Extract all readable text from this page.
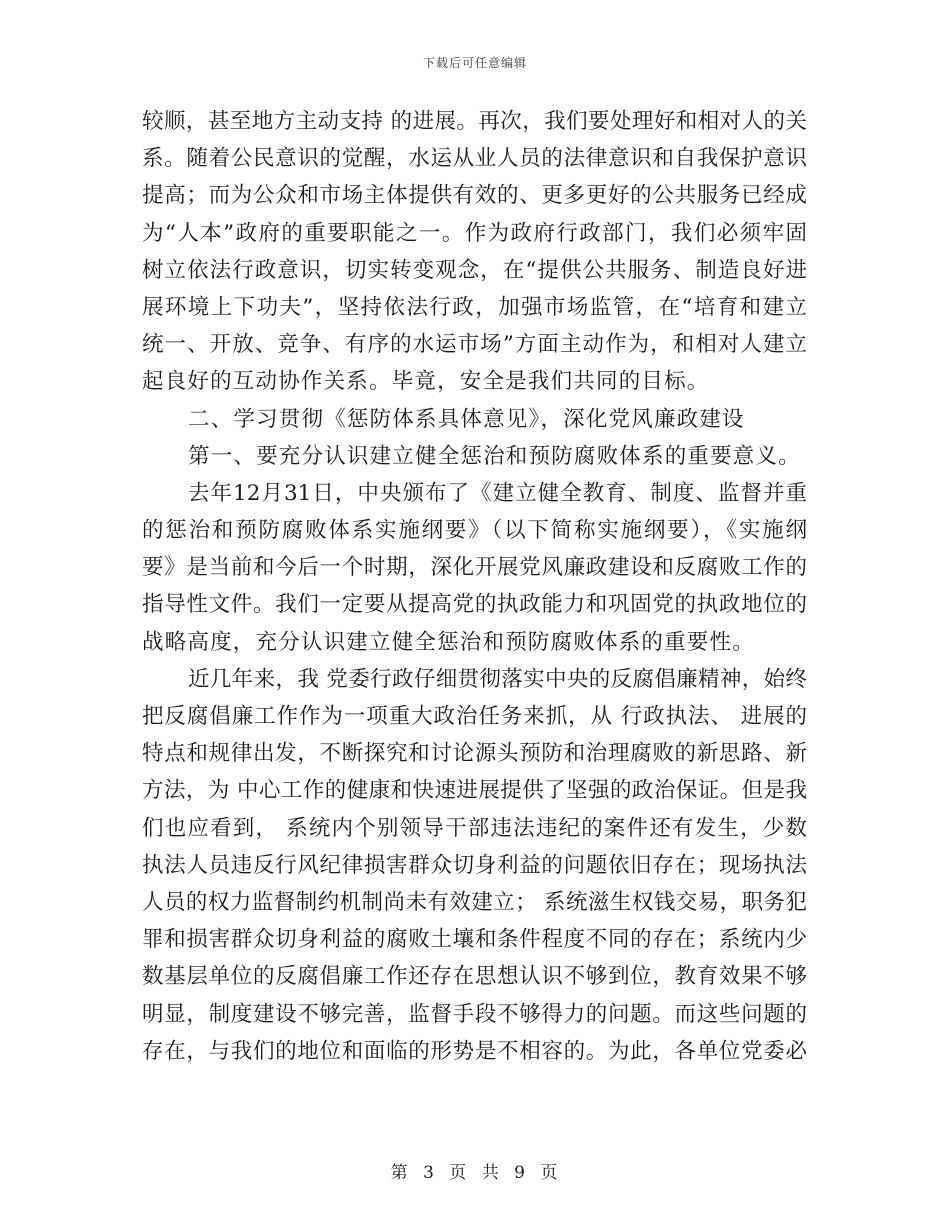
下载后可任意编辑
较顺，甚至地方主动支持 的进展。再次，我们要处理好和相对人的关
系。随着公民意识的觉醒，水运从业人员的法律意识和自我保护意识
提高；而为公众和市场主体提供有效的、更多更好的公共服务已经成
为“人本”政府的重要职能之一。作为政府行政部门，我们必须牢固
树立依法行政意识，切实转变观念，在“提供公共服务、制造良好进
展环境上下功夫”，坚持依法行政，加强市场监管，在“培育和建立
统一、开放、竞争、有序的水运市场”方面主动作为，和相对人建立
起良好的互动协作关系。毕竟，安全是我们共同的目标。
二、学习贯彻《惩防体系具体意见》，深化党风廉政建设
第一、要充分认识建立健全惩治和预防腐败体系的重要意义。
去年12月31日，中央颁布了《建立健全教育、制度、监督并重
的惩治和预防腐败体系实施纲要》（以下简称实施纲要），《实施纲
要》是当前和今后一个时期，深化开展党风廉政建设和反腐败工作的
指导性文件。我们一定要从提高党的执政能力和巩固党的执政地位的
战略高度，充分认识建立健全惩治和预防腐败体系的重要性。
近几年来，我 党委行政仔细贯彻落实中央的反腐倡廉精神，始终
把反腐倡廉工作作为一项重大政治任务来抓，从 行政执法、 进展的
特点和规律出发，不断探究和讨论源头预防和治理腐败的新思路、新
方法，为 中心工作的健康和快速进展提供了坚强的政治保证。但是我
们也应看到， 系统内个别领导干部违法违纪的案件还有发生，少数
执法人员违反行风纪律损害群众切身利益的问题依旧存在；现场执法
人员的权力监督制约机制尚未有效建立； 系统滋生权钱交易，职务犯
罪和损害群众切身利益的腐败土壤和条件程度不同的存在；系统内少
数基层单位的反腐倡廉工作还存在思想认识不够到位，教育效果不够
明显，制度建设不够完善，监督手段不够得力的问题。而这些问题的
存在，与我们的地位和面临的形势是不相容的。为此，各单位党委必
第 3 页 共 9 页
